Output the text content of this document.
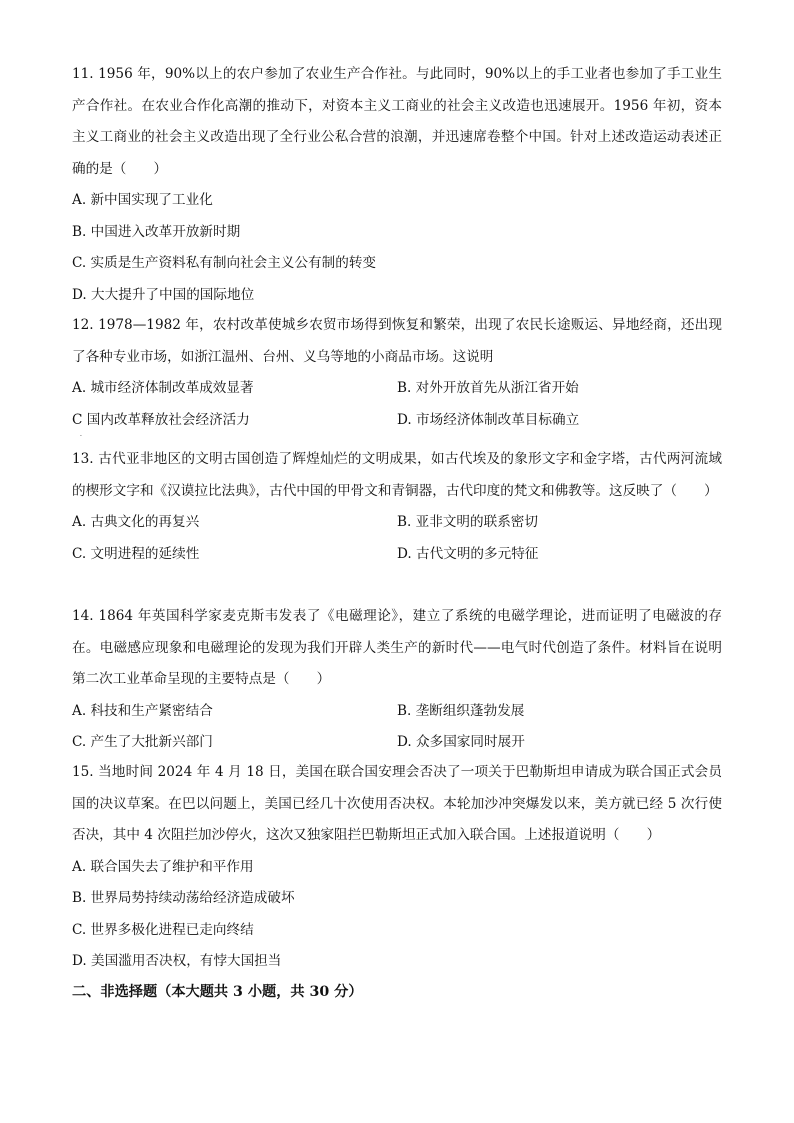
11. 1956 年，90%以上的农户参加了农业生产合作社。与此同时，90%以上的手工业者也参加了手工业生产合作社。在农业合作化高潮的推动下，对资本主义工商业的社会主义改造也迅速展开。1956 年初，资本主义工商业的社会主义改造出现了全行业公私合营的浪潮，并迅速席卷整个中国。针对上述改造运动表述正确的是（　　）

A. 新中国实现了工业化
B. 中国进入改革开放新时期
C. 实质是生产资料私有制向社会主义公有制的转变
D. 大大提升了中国的国际地位

12. 1978—1982 年，农村改革使城乡农贸市场得到恢复和繁荣，出现了农民长途贩运、异地经商，还出现了各种专业市场，如浙江温州、台州、义乌等地的小商品市场。这说明

A. 城市经济体制改革成效显著	B. 对外开放首先从浙江省开始
C 国内改革释放社会经济活力	D. 市场经济体制改革目标确立
·

13. 古代亚非地区的文明古国创造了辉煌灿烂的文明成果，如古代埃及的象形文字和金字塔，古代两河流域的楔形文字和《汉谟拉比法典》，古代中国的甲骨文和青铜器，古代印度的梵文和佛教等。这反映了（　　）

A. 古典文化的再复兴	B. 亚非文明的联系密切
C. 文明进程的延续性	D. 古代文明的多元特征

14. 1864 年英国科学家麦克斯韦发表了《电磁理论》，建立了系统的电磁学理论，进而证明了电磁波的存在。电磁感应现象和电磁理论的发现为我们开辟人类生产的新时代——电气时代创造了条件。材料旨在说明第二次工业革命呈现的主要特点是（　　）

A. 科技和生产紧密结合	B. 垄断组织蓬勃发展
C. 产生了大批新兴部门	D. 众多国家同时展开

15. 当地时间 2024 年 4 月 18 日，美国在联合国安理会否决了一项关于巴勒斯坦申请成为联合国正式会员国的决议草案。在巴以问题上，美国已经几十次使用否决权。本轮加沙冲突爆发以来，美方就已经 5 次行使否决，其中 4 次阻拦加沙停火，这次又独家阻拦巴勒斯坦正式加入联合国。上述报道说明（　　）

A. 联合国失去了维护和平作用
B. 世界局势持续动荡给经济造成破坏
C. 世界多极化进程已走向终结
D. 美国滥用否决权，有悖大国担当
二、非选择题（本大题共 3 小题，共 30 分）
